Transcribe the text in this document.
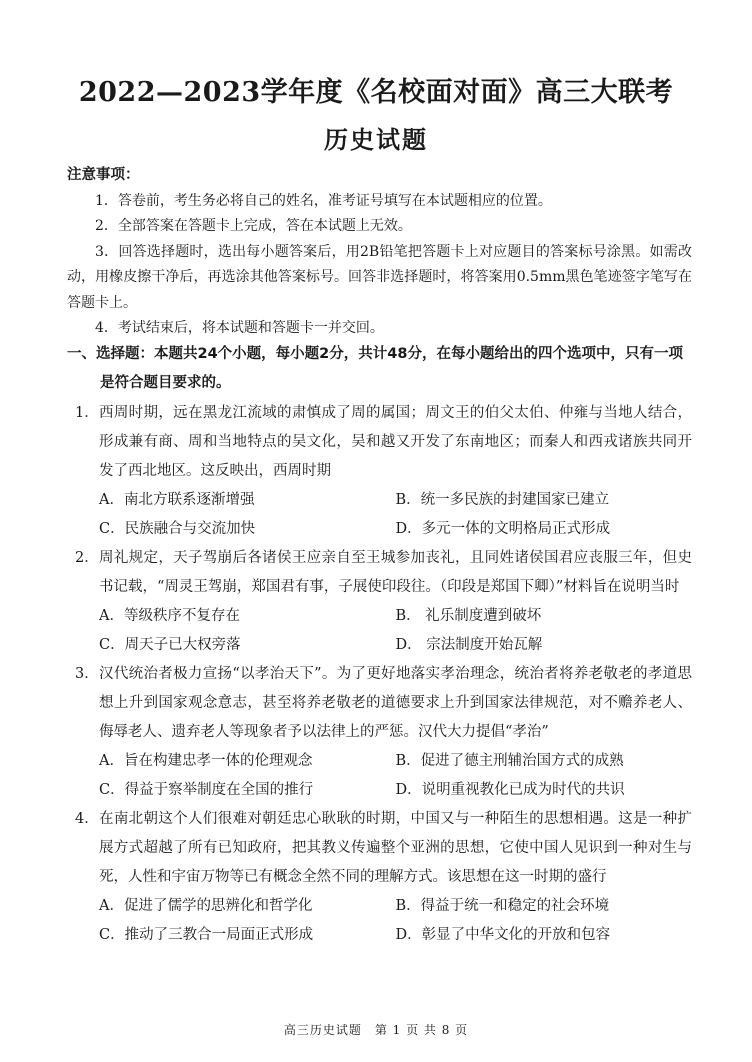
2022—2023学年度《名校面对面》高三大联考
历史试题
注意事项：
1．答卷前，考生务必将自己的姓名，准考证号填写在本试题相应的位置。
2．全部答案在答题卡上完成，答在本试题上无效。
3．回答选择题时，选出每小题答案后，用2B铅笔把答题卡上对应题目的答案标号涂黑。如需改动，用橡皮擦干净后，再选涂其他答案标号。回答非选择题时，将答案用0.5mm黑色笔迹签字笔写在答题卡上。
4．考试结束后，将本试题和答题卡一并交回。
一、选择题：本题共24个小题，每小题2分，共计48分，在每小题给出的四个选项中，只有一项是符合题目要求的。
1． 西周时期，远在黑龙江流域的肃慎成了周的属国；周文王的伯父太伯、仲雍与当地人结合，形成兼有商、周和当地特点的吴文化，吴和越又开发了东南地区；而秦人和西戎诸族共同开发了西北地区。这反映出，西周时期
A．南北方联系逐渐增强	B．统一多民族的封建国家已建立
C．民族融合与交流加快	D．多元一体的文明格局正式形成
2． 周礼规定，天子驾崩后各诸侯王应亲自至王城参加丧礼，且同姓诸侯国君应丧服三年，但史书记载，“周灵王驾崩，郑国君有事，子展使印段往。（印段是郑国下卿）”材料旨在说明当时
A．等级秩序不复存在	B． 礼乐制度遭到破坏
C．周天子已大权旁落	D． 宗法制度开始瓦解
3． 汉代统治者极力宣扬“以孝治天下”。为了更好地落实孝治理念，统治者将养老敬老的孝道思想上升到国家观念意志，甚至将养老敬老的道德要求上升到国家法律规范，对不赡养老人、侮辱老人、遗弃老人等现象者予以法律上的严惩。汉代大力提倡“孝治”
A．旨在构建忠孝一体的伦理观念	B．促进了德主刑辅治国方式的成熟
C．得益于察举制度在全国的推行	D．说明重视教化已成为时代的共识
4． 在南北朝这个人们很难对朝廷忠心耿耿的时期，中国又与一种陌生的思想相遇。这是一种扩展方式超越了所有已知政府，把其教义传遍整个亚洲的思想，它使中国人见识到一种对生与死，人性和宇宙万物等已有概念全然不同的理解方式。该思想在这一时期的盛行
A．促进了儒学的思辨化和哲学化	B．得益于统一和稳定的社会环境
C．推动了三教合一局面正式形成	D．彰显了中华文化的开放和包容
高三历史试题　第 1 页 共 8 页
